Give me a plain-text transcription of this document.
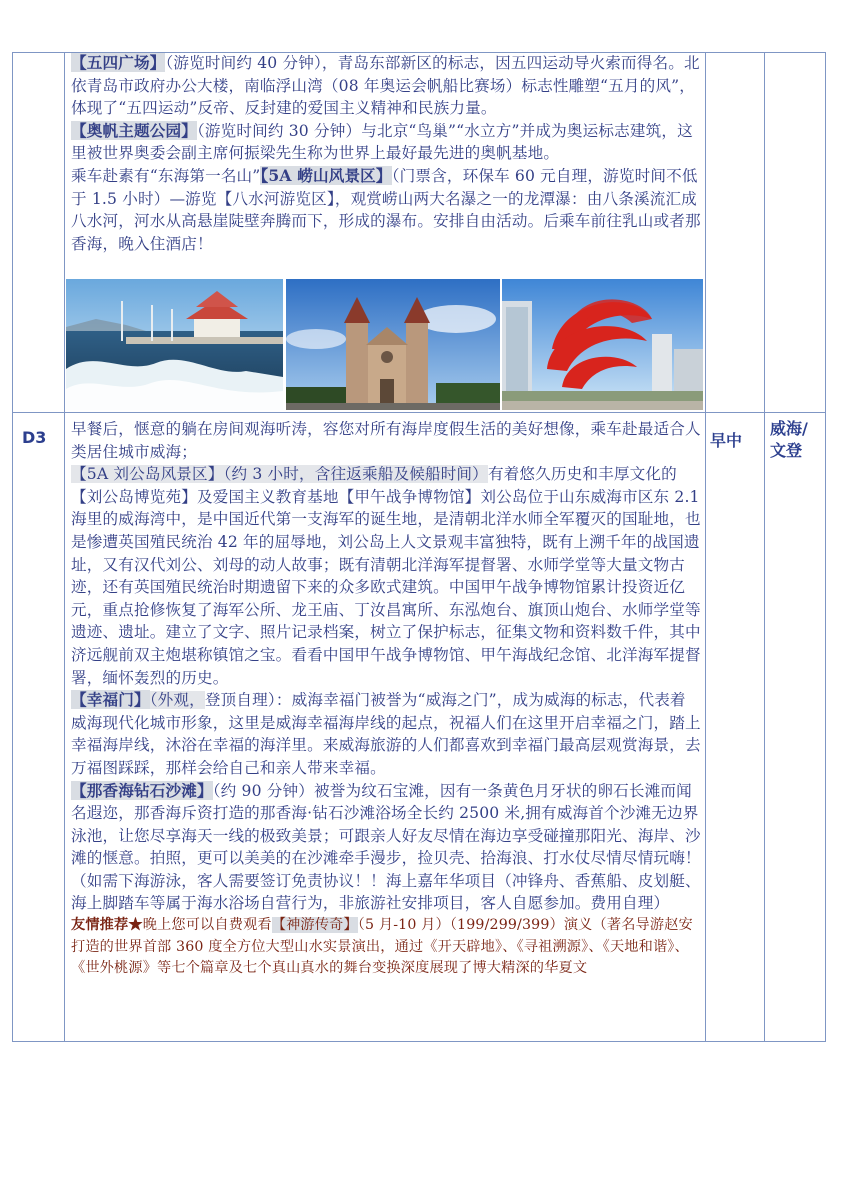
【五四广场】（游览时间约 40 分钟），青岛东部新区的标志，因五四运动导火索而得名。北依青岛市政府办公大楼，南临浮山湾（08 年奥运会帆船比赛场）标志性雕塑“五月的风”，体现了“五四运动”反帝、反封建的爱国主义精神和民族力量。

【奥帆主题公园】（游览时间约 30 分钟）与北京“鸟巢”“水立方”并成为奥运标志建筑，这里被世界奥委会副主席何振梁先生称为世界上最好最先进的奥帆基地。

乘车赴素有“东海第一名山”【5A 崂山风景区】（门票含，环保车 60 元自理，游览时间不低于 1.5 小时）—游览【八水河游览区】，观赏崂山两大名瀑之一的龙潭瀑：由八条溪流汇成八水河，河水从高悬崖陡壁奔腾而下，形成的瀑布。安排自由活动。后乘车前往乳山或者那香海，晚入住酒店！

D3	早中
威海/文登

早餐后，惬意的躺在房间观海听涛，容您对所有海岸度假生活的美好想像，乘车赴最适合人类居住城市威海；

【5A 刘公岛风景区】（约 3 小时，含往返乘船及候船时间）有着悠久历史和丰厚文化的【刘公岛博览苑】及爱国主义教育基地【甲午战争博物馆】刘公岛位于山东威海市区东 2.1 海里的威海湾中，是中国近代第一支海军的诞生地，是清朝北洋水师全军覆灭的国耻地，也是惨遭英国殖民统治 42 年的屈辱地，刘公岛上人文景观丰富独特，既有上溯千年的战国遗址，又有汉代刘公、刘母的动人故事；既有清朝北洋海军提督署、水师学堂等大量文物古迹，还有英国殖民统治时期遗留下来的众多欧式建筑。中国甲午战争博物馆累计投资近亿元，重点抢修恢复了海军公所、龙王庙、丁汝昌寓所、东泓炮台、旗顶山炮台、水师学堂等遗迹、遗址。建立了文字、照片记录档案，树立了保护标志，征集文物和资料数千件，其中济远舰前双主炮堪称镇馆之宝。看看中国甲午战争博物馆、甲午海战纪念馆、北洋海军提督署，缅怀轰烈的历史。

【幸福门】（外观，登顶自理）：威海幸福门被誉为“威海之门”，成为威海的标志，代表着威海现代化城市形象，这里是威海幸福海岸线的起点，祝福人们在这里开启幸福之门，踏上幸福海岸线，沐浴在幸福的海洋里。来威海旅游的人们都喜欢到幸福门最高层观赏海景，去万福图踩踩，那样会给自己和亲人带来幸福。

【那香海钻石沙滩】（约 90 分钟）被誉为纹石宝滩，因有一条黄色月牙状的卵石长滩而闻名遐迩，那香海斥资打造的那香海·钻石沙滩浴场全长约 2500 米,拥有威海首个沙滩无边界泳池，让您尽享海天一线的极致美景；可跟亲人好友尽情在海边享受碰撞那阳光、海岸、沙滩的惬意。拍照，更可以美美的在沙滩牵手漫步，捡贝壳、拾海浪、打水仗尽情尽情玩嗨！（如需下海游泳，客人需要签订免责协议！！海上嘉年华项目（冲锋舟、香蕉船、皮划艇、海上脚踏车等属于海水浴场自营行为，非旅游社安排项目，客人自愿参加。费用自理）

友情推荐★晚上您可以自费观看【神游传奇】（5 月-10 月）（199/299/399）演义（著名导游赵安打造的世界首部 360 度全方位大型山水实景演出，通过《开天辟地》、《寻祖溯源》、《天地和谐》、《世外桃源》等七个篇章及七个真山真水的舞台变换深度展现了博大精深的华夏文
